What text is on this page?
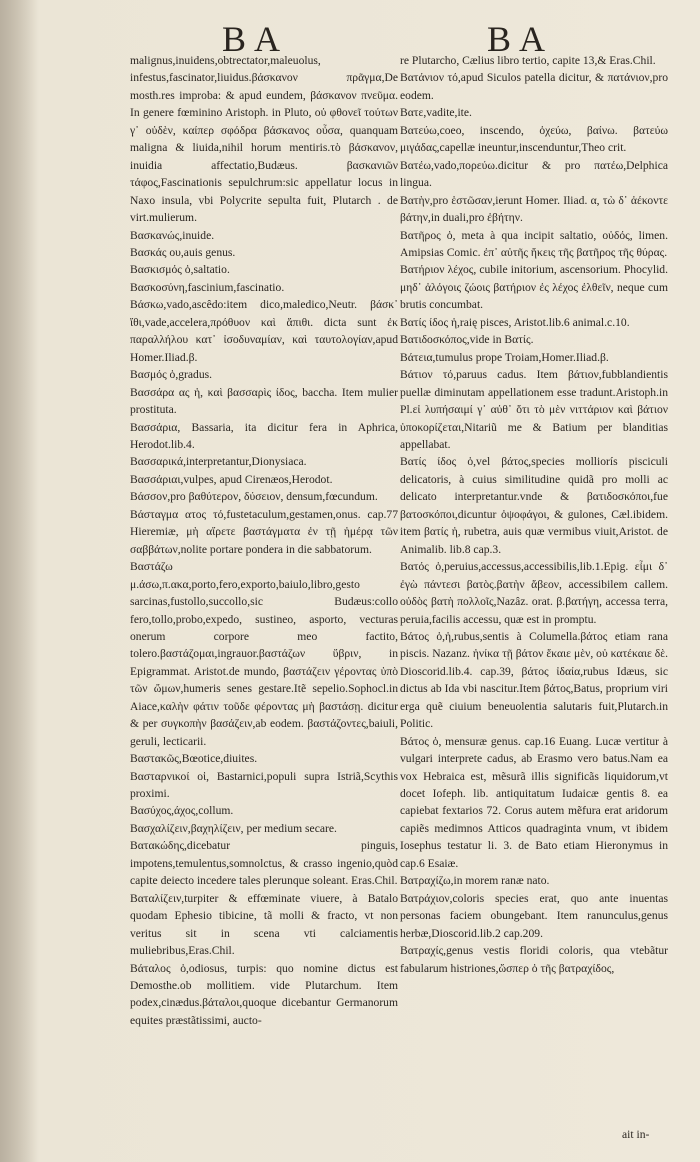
BA	BA

malignus,inuidens,obtrectator,maleuolus, infestus,fascinator,liuidus.βάσκανον πρᾶγμα,De mosth.res improba: & apud eundem, βάσκανον πνεῦμα. In genere fœminino Aristoph. in Pluto, οὐ φθονεῖ τούτων γ᾿ οὐδὲν, καίπερ σφόδρα βάσκανος οὖσα, quanquam maligna & liuida,nihil horum mentiris.τὸ βάσκανον, inuidia affectatio,Budæus. βασκανιῶν τάφος,Fascinationis sepulchrum:sic appellatur locus in Naxo insula, vbi Polycrite sepulta fuit, Plutarch . de virt.mulierum.

Βασκανώς,inuide.

Βασκάς ου,auis genus.

Βασκισμός ὁ,saltatio.

Βασκοσύνη,fascinium,fascinatio.

Βάσκω,vado,ascêdo:item dico,maledico,Neutr. βάσκ᾿ ἴθι,vade,accelera,πρόθυον καὶ ἄπιθι. dicta sunt ἐκ παραλλήλου κατ᾿ ἰσοδυναμίαν, καὶ ταυτολογίαν,apud Homer.Iliad.β.

Βασμός ὁ,gradus.

Βασσάρα ας ἡ, καὶ βασσαρὶς ίδος, baccha. Item mulier prostituta.

Βασσάρια, Bassaria, ita dicitur fera in Aphrica, Herodot.lib.4.

Βασσαρικά,interpretantur,Dionysiaca.

Βασσάριαι,vulpes, apud Cirenæos,Herodot.

Βάσσον,pro βαθύτερον, δύσειον, densum,fœcundum.

Βάσταγμα ατος τό,fustetaculum,gestamen,onus. cap.77 Hieremiæ, μὴ αἴρετε βαστάγματα ἐν τῇ ἡμέρᾳ τῶν σαββάτων,nolite portare pondera in die sabbatorum.

Βαστάζω μ.άσω,π.ακα,porto,fero,exporto,baiulo,libro,gesto sarcinas,fustollo,succollo,sic Budæus:collo fero,tollo,probo,expedo, sustineo, asporto, vecturas onerum corpore meo factito, tolero.βαστάζομαι,ingrauor.βαστάζων ὕβριν, in Epigrammat. Aristot.de mundo, βαστάζειν γέροντας ὑπὸ τῶν ὤμων,humeris senes gestare.Itẽ sepelio.Sophocl.in Aiace,καλὴν φάτιν τοῦδε φέροντας μὴ βαστάσῃ. dicitur & per συγκοπὴν βασάζειν,ab eodem. βαστάζοντες,baiuli, geruli, lecticarii.

Βαστακῶς,Bœotice,diuites.

Βασταρνικοί οἱ, Bastarnici,populi supra Istriã,Scythis proximi.

Βασύχος,άχος,collum.

Βασχαλίζειν,βαχηλίζειν, per medium secare.

Βατακώδης,dicebatur pinguis, impotens,temulentus,somnolctus, & crasso ingenio,quòd capite deiecto incedere tales plerunque soleant. Eras.Chil.

Βαταλίζειν,turpiter & effœminate viuere, à Batalo quodam Ephesio tibicine, tã molli & fracto, vt non veritus sit in scena vti calciamentis muliebribus,Eras.Chil.

Βάταλος ὁ,odiosus, turpis: quo nomine dictus est Demosthe.ob mollitiem. vide Plutarchum. Item podex,cinædus.βάταλοι,quoque dicebantur Germanorum equites præstãtissimi, aucto-

re Plutarcho, Cælius libro tertio, capite 13,& Eras.Chil.

Βατάνιον τό,apud Siculos patella dicitur, & πατάνιον,pro eodem.

Βατε,vadite,ite.

Βατεύω,coeo, inscendo, ὀχεύω, βαίνω. βατεύω μιγάδας,capellæ ineuntur,inscenduntur,Theo crit.

Βατέω,vado,πορεύω.dicitur & pro πατέω,Delphica lingua.

Βατὴν,pro ἑστῶσαν,ierunt Homer. Iliad. α, τὼ δ᾿ ἀέκοντε βάτην,in duali,pro ἐβήτην.

Βατῆρος ὁ, meta à qua incipit saltatio, οὐδός, limen. Amipsias Comic. ἐπ᾿ αὐτῆς ἥκεις τῆς βατῆρος τῆς θύρας.

Βατήριον λέχος, cubile initorium, ascensorium. Phocylid. μηδ᾿ ἀλόγοις ζώοις βατήριον ἐς λέχος ἐλθεῖν, neque cum brutis concumbat.

Βατίς ίδος ἡ,raię pisces, Aristot.lib.6 animal.c.10.

Βατιδοσκόπος,vide in Βατίς.

Βάτεια,tumulus prope Troiam,Homer.Iliad.β.

Βάτιον τό,paruus cadus. Item βάτιον,fubblandientis puellæ diminutam appellationem esse tradunt.Aristoph.in Pl.εἰ λυπήσαιμί γ᾿ αὐθ᾿ ὅτι τὸ μὲν νιττάριον καὶ βάτιον ὑποκορίζεται,Nitariũ me & Batium per blanditias appellabat.

Βατίς ίδος ὁ,vel βάτος,species molliorís pisciculi delicatoris, à cuius similitudine quidã pro molli ac delicato interpretantur.vnde & βατιδοσκόποι,fue βατοσκόποι,dicuntur ὀψοφάγοι, & gulones, Cæl.ibidem. item βατίς ἡ, rubetra, auis quæ vermibus viuit,Aristot. de Animalib. lib.8 cap.3.

Βατός ὁ,peruius,accessus,accessibilis,lib.1.Epig. εἶμι δ᾿ ἐγὼ πάντεσι βατὸς.βατὴν ἄβεον, accessibilem callem. οὐδὸς βατὴ πολλοῖς,Nazâz. orat. β.βατήγη, accessa terra, peruia,facilis accessu, quæ est in promptu.

Βάτος ὁ,ἡ,rubus,sentis à Columella.βάτος etiam rana piscis. Nazanz. ἡνίκα τῇ βάτον ἔκαιε μὲν, οὐ κατέκαιε δὲ. Dioscorid.lib.4. cap.39, βάτος ἰδαία,rubus Idæus, sic dictus ab Ida vbi nascitur.Item βάτος,Batus, proprium viri erga quẽ ciuium beneuolentia salutaris fuit,Plutarch.in Politic.

Βάτος ὁ, mensuræ genus. cap.16 Euang. Lucæ vertitur à vulgari interprete cadus, ab Erasmo vero batus.Nam ea vox Hebraica est, mẽsurã illis significãs liquidorum,vt docet Iofeph. lib. antiquitatum Iudaicæ gentis 8. ea capiebat fextarios 72. Corus autem mẽfura erat aridorum capiẽs medimnos Atticos quadraginta vnum, vt ibidem Iosephus testatur li. 3. de Bato etiam Hieronymus in cap.6 Esaiæ.

Βατραχίζω,in morem ranæ nato.

Βατράχιον,coloris species erat, quo ante inuentas personas faciem obungebant. Item ranunculus,genus herbæ,Dioscorid.lib.2 cap.209.

Βατραχίς,genus vestis floridi coloris, qua vtebãtur fabularum histriones,ὥσπερ ὁ τῆς βατραχίδος,

ait in-
